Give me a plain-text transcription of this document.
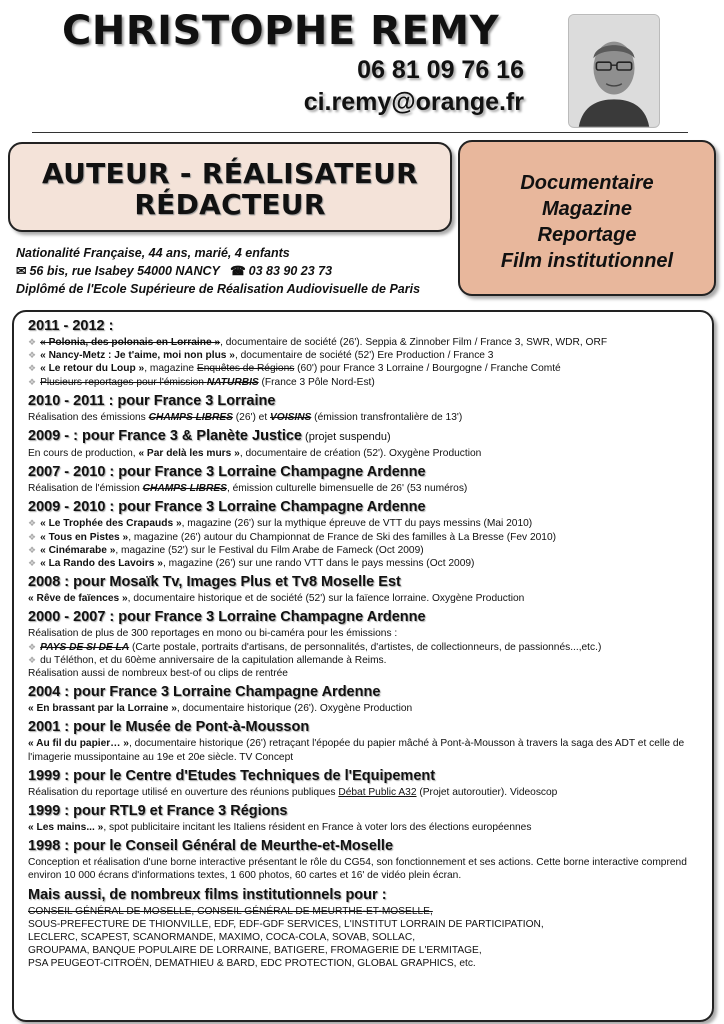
CHRISTOPHE REMY
06 81 09 76 16
ci.remy@orange.fr
AUTEUR - RÉALISATEUR
RÉDACTEUR
Documentaire
Magazine
Reportage
Film institutionnel
Nationalité Française, 44 ans, marié, 4 enfants
✉ 56 bis, rue Isabey 54000 NANCY ☎ 03 83 90 23 73
Diplômé de l'Ecole Supérieure de Réalisation Audiovisuelle de Paris
2011 - 2012 :
❖ « Polonia, des polonais en Lorraine », documentaire de société (26'). Seppia & Zinnober Film / France 3, SWR, WDR, ORF
❖ « Nancy-Metz : Je t'aime, moi non plus », documentaire de société (52') Ere Production / France 3
❖ « Le retour du Loup », magazine Enquêtes de Régions (60') pour France 3 Lorraine / Bourgogne / Franche Comté
❖ Plusieurs reportages pour l'émission NATURBIS (France 3 Pôle Nord-Est)
2010 - 2011 : pour France 3 Lorraine
Réalisation des émissions CHAMPS LIBRES (26') et VOISINS (émission transfrontalière de 13')
2009 - : pour France 3 & Planète Justice (projet suspendu)
En cours de production, « Par delà les murs », documentaire de création (52'). Oxygène Production
2007 - 2010 : pour France 3 Lorraine Champagne Ardenne
Réalisation de l'émission CHAMPS LIBRES, émission culturelle bimensuelle de 26' (53 numéros)
2009 - 2010 : pour France 3 Lorraine Champagne Ardenne
❖ « Le Trophée des Crapauds », magazine (26') sur la mythique épreuve de VTT du pays messins (Mai 2010)
❖ « Tous en Pistes », magazine (26') autour du Championnat de France de Ski des familles à La Bresse (Fev 2010)
❖ « Cinémarabe », magazine (52') sur le Festival du Film Arabe de Fameck (Oct 2009)
❖ « La Rando des Lavoirs », magazine (26') sur une rando VTT dans le pays messins (Oct 2009)
2008 : pour Mosaïk Tv, Images Plus et Tv8 Moselle Est
« Rêve de faïences », documentaire historique et de société (52') sur la faïence lorraine. Oxygène Production
2000 - 2007 : pour France 3 Lorraine Champagne Ardenne
Réalisation de plus de 300 reportages en mono ou bi-caméra pour les émissions :
❖ PAYS DE SI DE LA (Carte postale, portraits d'artisans, de personnalités, d'artistes, de collectionneurs, de passionnés...,etc.)
❖ du Téléthon, et du 60ème anniversaire de la capitulation allemande à Reims.
Réalisation aussi de nombreux best-of ou clips de rentrée
2004 : pour France 3 Lorraine Champagne Ardenne
« En brassant par la Lorraine », documentaire historique (26'). Oxygène Production
2001 : pour le Musée de Pont-à-Mousson
« Au fil du papier… », documentaire historique (26') retraçant l'épopée du papier mâché à Pont-à-Mousson à travers la saga des ADT et celle de l'imagerie mussipontaine au 19e et 20e siècle. TV Concept
1999 : pour le Centre d'Etudes Techniques de l'Equipement
Réalisation du reportage utilisé en ouverture des réunions publiques Débat Public A32 (Projet autoroutier). Videoscop
1999 : pour RTL9 et France 3 Régions
« Les mains... », spot publicitaire incitant les Italiens résident en France à voter lors des élections européennes
1998 : pour le Conseil Général de Meurthe-et-Moselle
Conception et réalisation d'une borne interactive présentant le rôle du CG54, son fonctionnement et ses actions. Cette borne interactive comprend environ 10 000 écrans d'informations textes, 1 600 photos, 60 cartes et 16' de vidéo plein écran.
Mais aussi, de nombreux films institutionnels pour :
CONSEIL GÉNÉRAL DE MOSELLE, CONSEIL GÉNÉRAL DE MEURTHE-ET-MOSELLE,
SOUS-PREFECTURE DE THIONVILLE, EDF, EDF-GDF SERVICES, L'INSTITUT LORRAIN DE PARTICIPATION,
LECLERC, SCAPEST, SCANORMANDE, MAXIMO, COCA-COLA, SOVAB, SOLLAC,
GROUPAMA, BANQUE POPULAIRE DE LORRAINE, BATIGERE, FROMAGERIE DE L'ERMITAGE,
PSA PEUGEOT-CITROËN, DEMATHIEU & BARD, EDC PROTECTION, GLOBAL GRAPHICS, etc.
